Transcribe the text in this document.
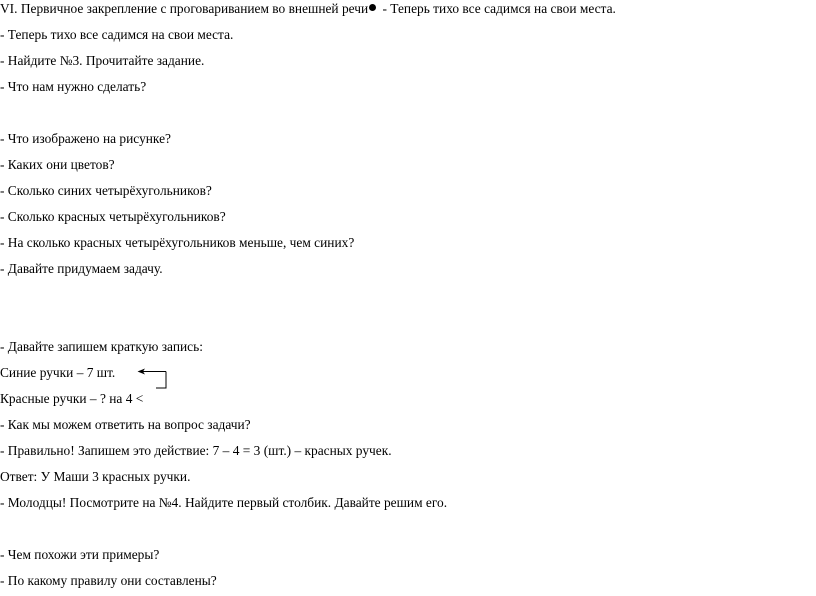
VI. Первичное закрепление с проговариванием во внешней речи - Теперь тихо все садимся на свои места.
- Теперь тихо все садимся на свои места.
- Найдите №3. Прочитайте задание.
- Что нам нужно сделать?
- Что изображено на рисунке?
- Каких они цветов?
- Сколько синих четырёхугольников?
- Сколько красных четырёхугольников?
- На сколько красных четырёхугольников меньше, чем синих?
- Давайте придумаем задачу.
- Давайте запишем краткую запись:
Синие ручки – 7 шт.
Красные ручки – ? на 4 <
- Как мы можем ответить на вопрос задачи?
- Правильно! Запишем это действие: 7 – 4 = 3 (шт.) – красных ручек.
Ответ: У Маши 3 красных ручки.
- Молодцы! Посмотрите на №4. Найдите первый столбик. Давайте решим его.
- Чем похожи эти примеры?
- По какому правилу они составлены?
